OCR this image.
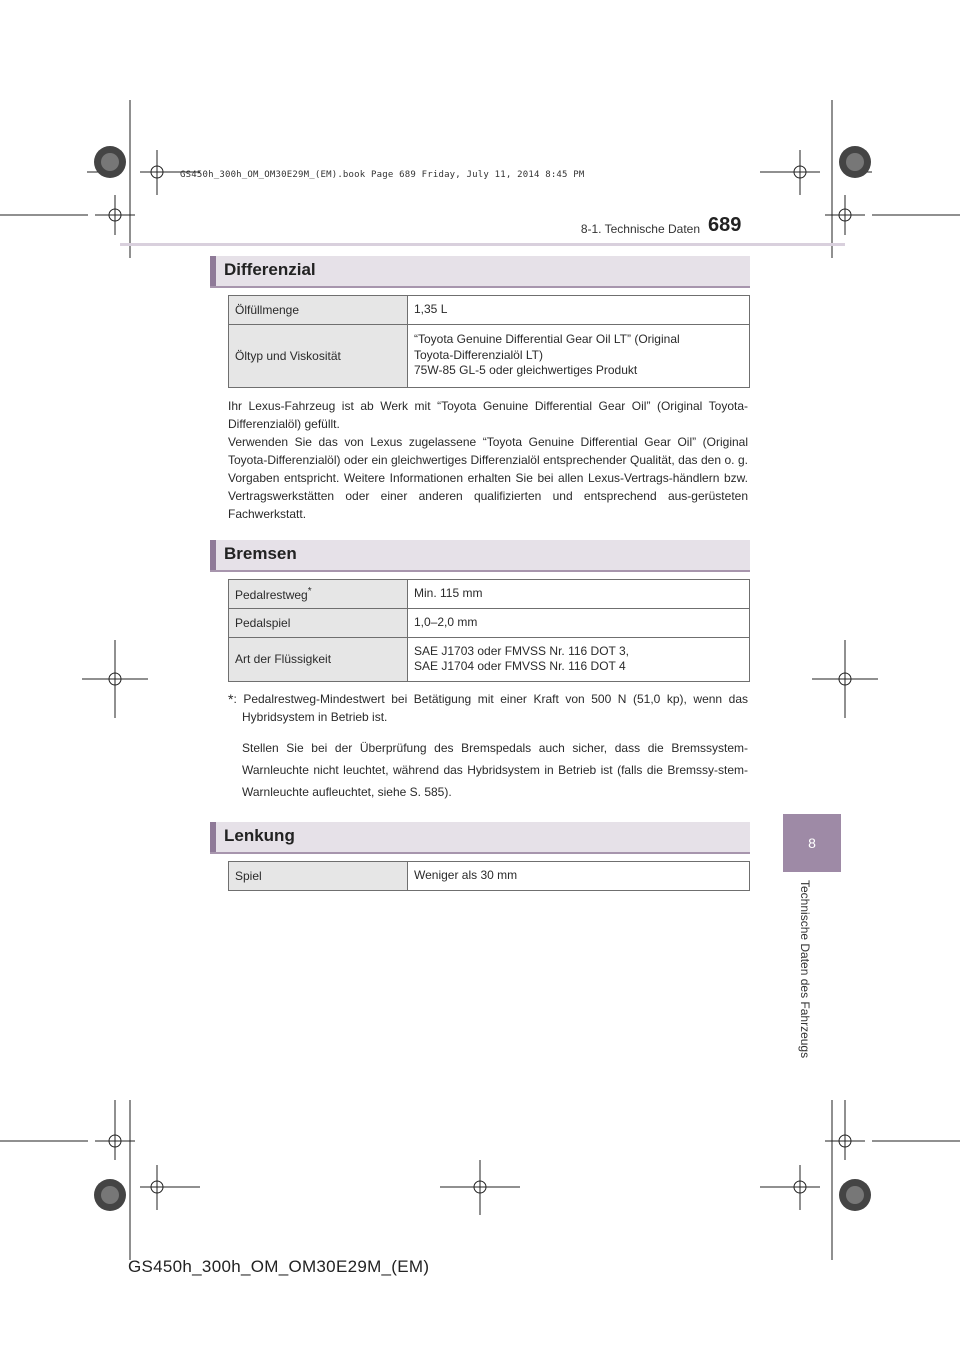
GS450h_300h_OM_OM30E29M_(EM).book Page 689 Friday, July 11, 2014 8:45 PM
8-1. Technische Daten 689
8
Technische Daten des Fahrzeugs
Differenzial
Ölfüllmenge	1,35 L
Öltyp und Viskosität	“Toyota Genuine Differential Gear Oil LT” (Original
Toyota-Differenzialöl LT)
75W-85 GL-5 oder gleichwertiges Produkt
Ihr Lexus-Fahrzeug ist ab Werk mit “Toyota Genuine Differential Gear Oil” (Original Toyota-Differenzialöl) gefüllt.
Verwenden Sie das von Lexus zugelassene “Toyota Genuine Differential Gear Oil” (Original Toyota-Differenzialöl) oder ein gleichwertiges Differenzialöl entsprechender Qualität, das den o. g. Vorgaben entspricht. Weitere Informationen erhalten Sie bei allen Lexus-Vertrags-händlern bzw. Vertragswerkstätten oder einer anderen qualifizierten und entsprechend aus-gerüsteten Fachwerkstatt.
Bremsen
Pedalrestweg*	Min. 115 mm
Pedalspiel	1,0–2,0 mm
Art der Flüssigkeit	SAE J1703 oder FMVSS Nr. 116 DOT 3,
SAE J1704 oder FMVSS Nr. 116 DOT 4
*: Pedalrestweg-Mindestwert bei Betätigung mit einer Kraft von 500 N (51,0 kp), wenn das Hybridsystem in Betrieb ist.
Stellen Sie bei der Überprüfung des Bremspedals auch sicher, dass die Bremssystem-Warnleuchte nicht leuchtet, während das Hybridsystem in Betrieb ist (falls die Bremssy-stem-Warnleuchte aufleuchtet, siehe S. 585).
Lenkung
Spiel	Weniger als 30 mm
GS450h_300h_OM_OM30E29M_(EM)
